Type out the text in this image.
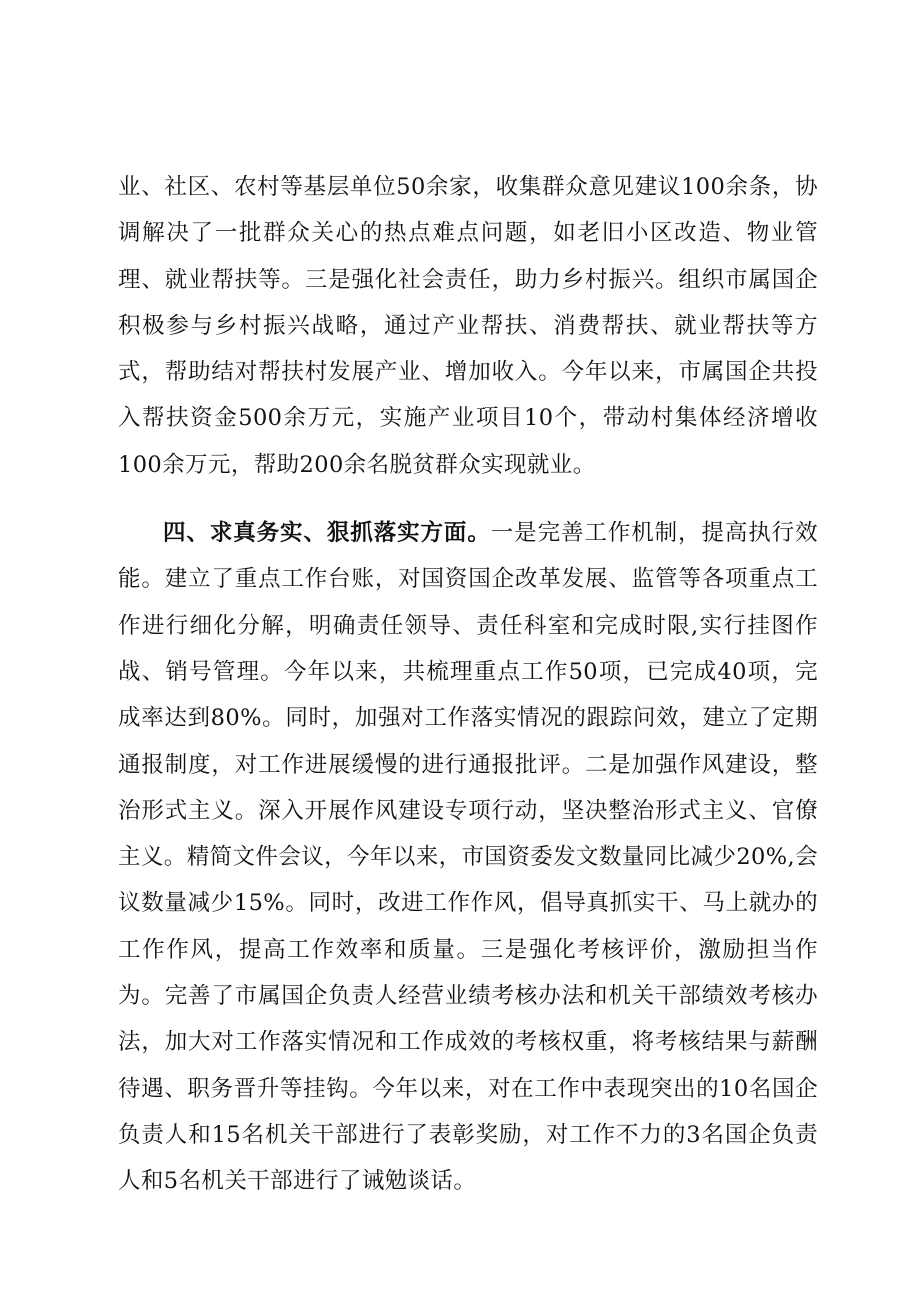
业、社区、农村等基层单位50余家，收集群众意见建议100余条，协调解决了一批群众关心的热点难点问题，如老旧小区改造、物业管理、就业帮扶等。三是强化社会责任，助力乡村振兴。组织市属国企积极参与乡村振兴战略，通过产业帮扶、消费帮扶、就业帮扶等方式，帮助结对帮扶村发展产业、增加收入。今年以来，市属国企共投入帮扶资金500余万元，实施产业项目10个，带动村集体经济增收100余万元，帮助200余名脱贫群众实现就业。

四、求真务实、狠抓落实方面。一是完善工作机制，提高执行效能。建立了重点工作台账，对国资国企改革发展、监管等各项重点工作进行细化分解，明确责任领导、责任科室和完成时限,实行挂图作战、销号管理。今年以来，共梳理重点工作50项，已完成40项，完成率达到80%。同时，加强对工作落实情况的跟踪问效，建立了定期通报制度，对工作进展缓慢的进行通报批评。二是加强作风建设，整治形式主义。深入开展作风建设专项行动，坚决整治形式主义、官僚主义。精简文件会议，今年以来，市国资委发文数量同比减少20%,会议数量减少15%。同时，改进工作作风，倡导真抓实干、马上就办的工作作风，提高工作效率和质量。三是强化考核评价，激励担当作为。完善了市属国企负责人经营业绩考核办法和机关干部绩效考核办法，加大对工作落实情况和工作成效的考核权重，将考核结果与薪酬待遇、职务晋升等挂钩。今年以来，对在工作中表现突出的10名国企负责人和15名机关干部进行了表彰奖励，对工作不力的3名国企负责人和5名机关干部进行了诫勉谈话。
